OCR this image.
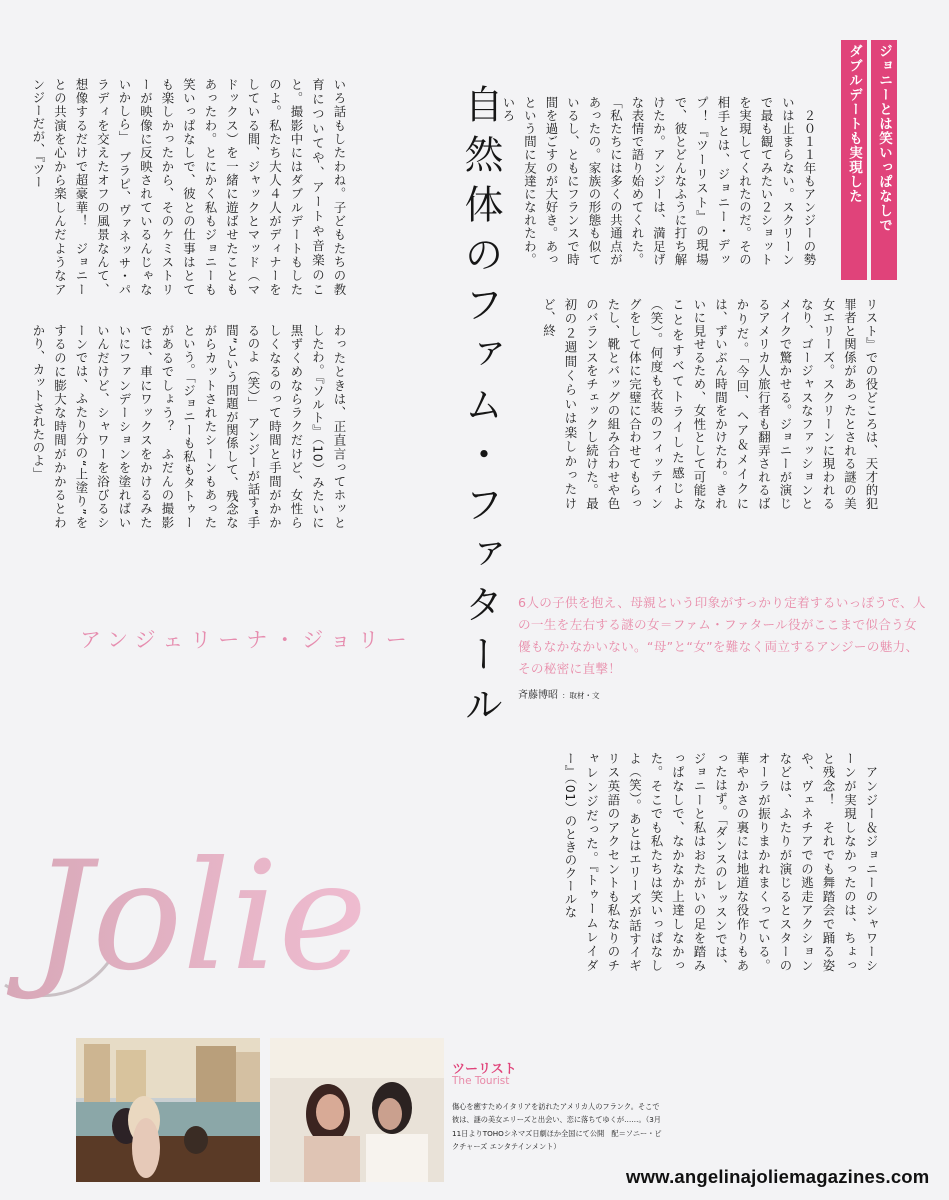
ジョニーとは笑いっぱなしで
ダブルデートも実現した

　２０１１年もアンジーの勢いは止まらない。スクリーンで最も観てみたい２ショットを実現してくれたのだ。その相手とは、ジョニー・デップ！『ツーリスト』の現場で、彼とどんなふうに打ち解けたか。アンジーは、満足げな表情で語り始めてくれた。「私たちには多くの共通点があったの。家族の形態も似ているし、ともにフランスで時間を過ごすのが大好き。あっという間に友達になれたわ。いろ

いろ話もしたわね。子どもたちの教育についてや、アートや音楽のこと。撮影中にはダブルデートもしたのよ。私たち大人４人がディナーをしている間、ジャックとマッド（マドックス）を一緒に遊ばせたこともあったわ。とにかく私もジョニーも笑いっぱなしで、彼との仕事はとても楽しかったから、そのケミストリーが映像に反映されているんじゃないかしら」　ブラピ、ヴァネッサ・パラディを交えたオフの風景なんて、想像するだけで超豪華！　ジョニーとの共演を心から楽しんだようなアンジーだが、『ツー

リスト』での役どころは、天才的犯罪者と関係があったとされる謎の美女エリーズ。スクリーンに現われるなり、ゴージャスなファッションとメイクで驚かせる。ジョニーが演じるアメリカ人旅行者も翻弄されるばかりだ。「今回、ヘア＆メイクには、ずいぶん時間をかけたわ。きれいに見せるため、女性として可能なことをすべてトライした感じよ（笑）。何度も衣装のフィッティングをして体に完璧に合わせてもらったし、靴とバッグの組み合わせや色のバランスをチェックし続けた。最初の２週間くらいは楽しかったけど、終

わったときは、正直言ってホッとしたわ。『ソルト』（10）みたいに黒ずくめならラクだけど、女性らしくなるのって時間と手間がかかるのよ（笑）」　アンジーが話す“手間”という問題が関係して、残念ながらカットされたシーンもあったという。「ジョニーも私もタトゥーがあるでしょう？　ふだんの撮影では、車にワックスをかけるみたいにファンデーションを塗ればいいんだけど、シャワーを浴びるシーンでは、ふたり分の“上塗り”をするのに膨大な時間がかかるとわかり、カットされたのよ」

　アンジー＆ジョニーのシャワーシーンが実現しなかったのは、ちょっと残念！　それでも舞踏会で踊る姿や、ヴェネチアでの逃走アクションなどは、ふたりが演じるとスターのオーラが振りまかれまくっている。華やかさの裏には地道な役作りもあったはず。「ダンスのレッスンでは、ジョニーと私はおたがいの足を踏みっぱなしで、なかなか上達しなかった。そこでも私たちは笑いっぱなしよ（笑）。あとはエリーズが話すイギリス英語のアクセントも私なりのチャレンジだった。『トゥームレイダー』（01）のときのクールな

自然体のファム・ファタール	6人の子供を抱え、母親という印象がすっかり定着するいっぽうで、人の一生を左右する謎の女＝ファム・ファタール役がここまで似合う女優もなかなかいない。“母”と“女”を難なく両立するアンジーの魅力、その秘密に直撃！
斉藤博昭 ：取材・文
アンジェリーナ・ジョリー
Jolie
ツーリスト
The Tourist
傷心を癒すためイタリアを訪れたアメリカ人のフランク。そこで彼は、謎の美女エリーズと出会い、恋に落ちてゆくが……。（3月11日よりTOHOシネマズ日劇ほか全国にて公開　配＝ソニー・ピクチャーズ エンタテインメント）
www.angelinajoliemagazines.com
